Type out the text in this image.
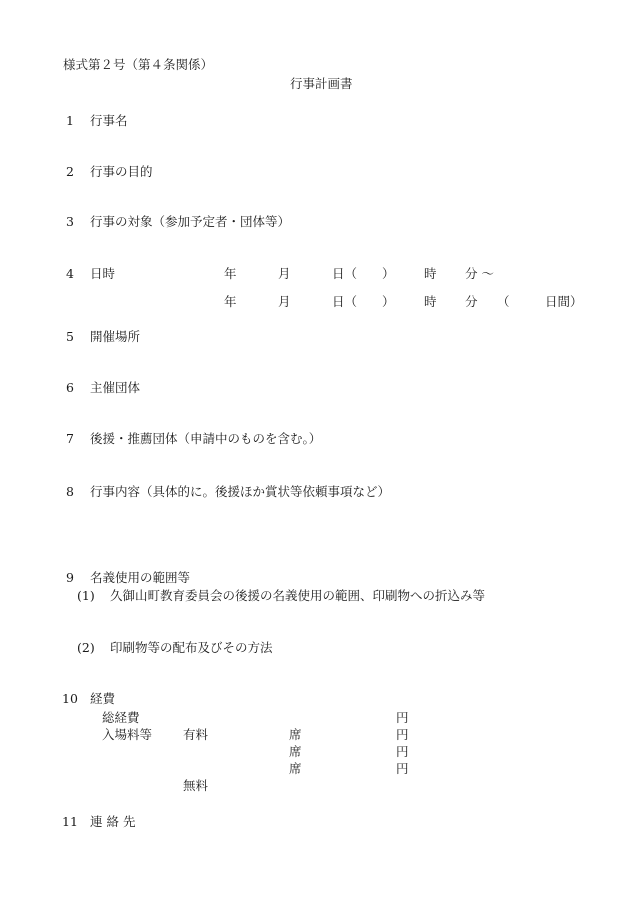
様式第２号（第４条関係）
行事計画書
1 行事名
2 行事の目的
3 行事の対象（参加予定者・団体等）
4 日時	年	月	日（ ） 時 分 ～
年	月	日（ ） 時 分 （	日間）
5 開催場所
6 主催団体
7 後援・推薦団体（申請中のものを含む。）
8 行事内容（具体的に。後援ほか賞状等依頼事項など）
9 名義使用の範囲等
(1) 久御山町教育委員会の後援の名義使用の範囲、印刷物への折込み等
(2) 印刷物等の配布及びその方法
10 経費
総経費	円
入場料等 有料	席	円
席	円
席	円
無料
11 連 絡 先
